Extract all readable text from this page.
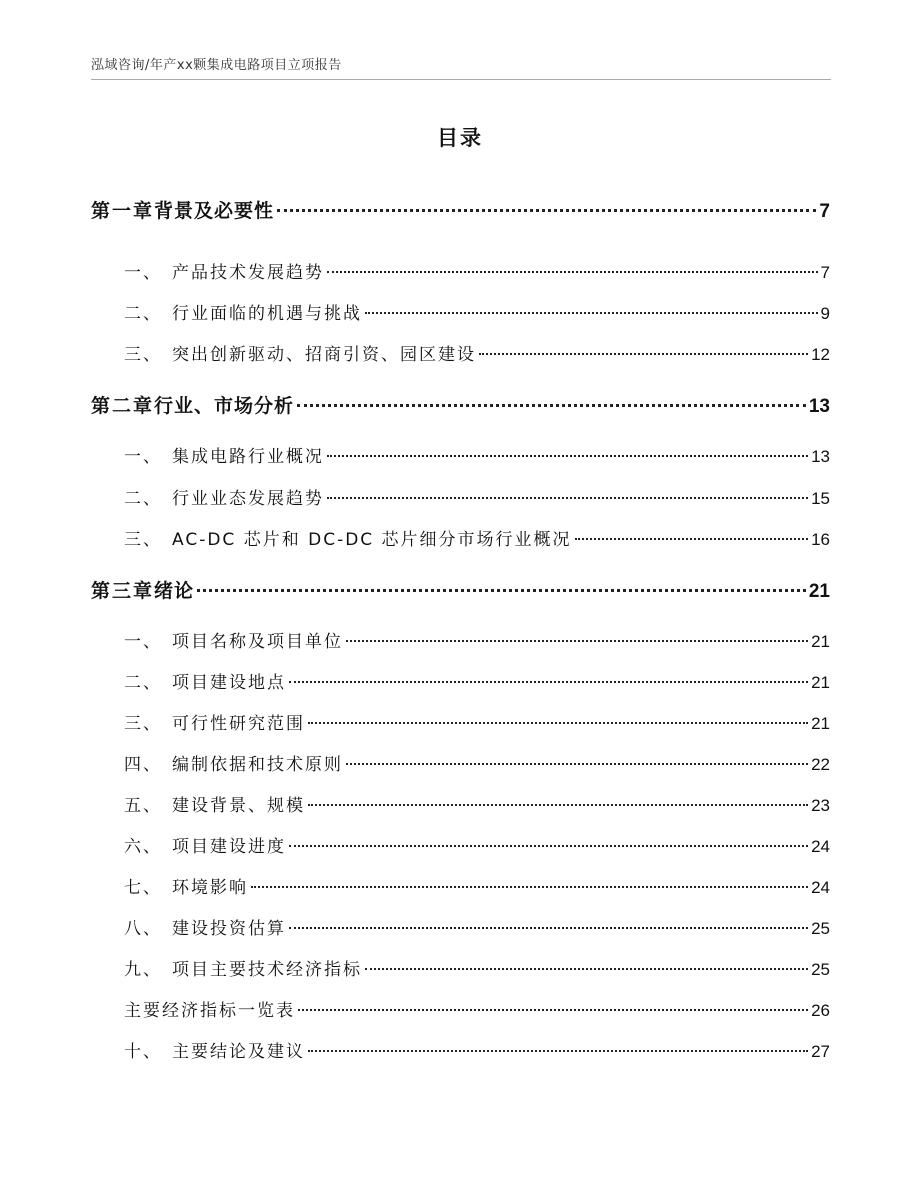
泓域咨询/年产xx颗集成电路项目立项报告
目录
第一章 背景及必要性	7
一、 产品技术发展趋势	7
二、 行业面临的机遇与挑战	9
三、 突出创新驱动、招商引资、园区建设	12
第二章 行业、市场分析	13
一、 集成电路行业概况	13
二、 行业业态发展趋势	15
三、 AC-DC 芯片和 DC-DC 芯片细分市场行业概况	16
第三章 绪论	21
一、 项目名称及项目单位	21
二、 项目建设地点	21
三、 可行性研究范围	21
四、 编制依据和技术原则	22
五、 建设背景、规模	23
六、 项目建设进度	24
七、 环境影响	24
八、 建设投资估算	25
九、 项目主要技术经济指标	25
主要经济指标一览表	26
十、 主要结论及建议	27
